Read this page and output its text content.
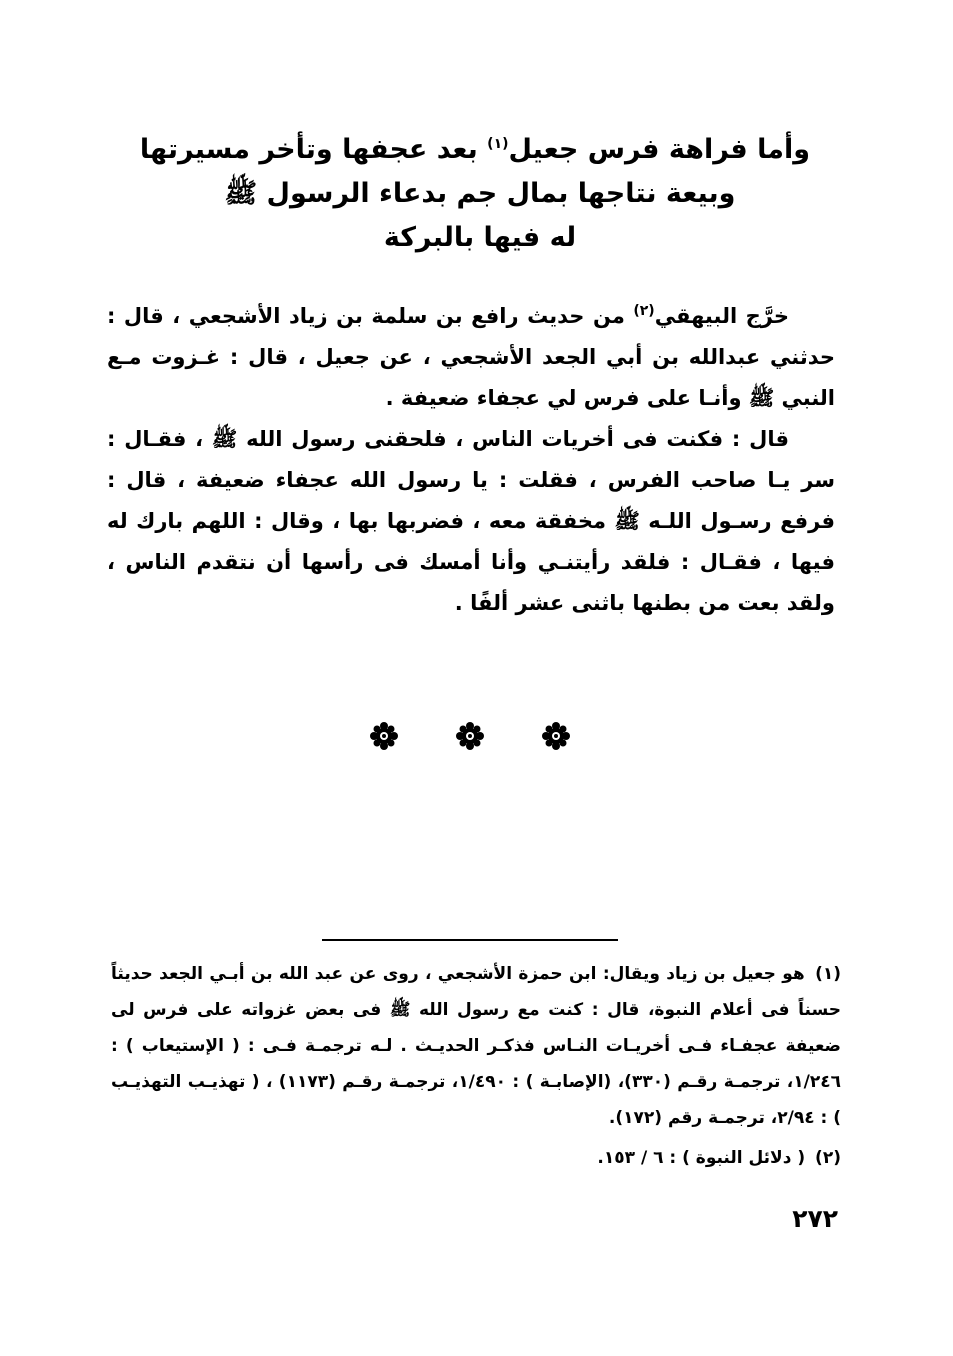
وأما فراهة فرس جعيل$^{(١)}$ بعد عجفها وتأخر مسيرتها
وبيعة نتاجها بمال جم بدعاء الرسول ﷺ
له فيها بالبركة

خرَّج البيهقي$^{(٢)}$ من حديث رافع بن سلمة بن زياد الأشجعي ، قال : حدثني عبدالله بن أبي الجعد الأشجعي ، عن جعيل ، قال : غـزوت مـع النبي ﷺ وأنـا على فرس لي عجفاء ضعيفة .

قال : فكنت فى أخريات الناس ، فلحقنى رسول الله ﷺ ، فقـال : سر يـا صاحب الفرس ، فقلت : يا رسول الله عجفاء ضعيفة ، قال : فرفع رسـول اللـه ﷺ مخفقة معه ، فضربها بها ، وقال : اللهم بارك له فيها ، فقـال : فلقد رأيتنـي وأنا أمسك فى رأسها أن نتقدم الناس ، ولقد بعت من بطنها باثنى عشر ألفًا .

(١) هو جعيل بن زياد ويقال: ابن حمزة الأشجعي ، روى عن عبد الله بن أبـي الجعد حديثاً حسناً فى أعلام النبوة، قال : كنت مع رسول الله ﷺ فى بعض غزواته على فرس لى ضعيفة عجفـاء فـى أخريـات النـاس فذكـر الحديـث . لـه ترجمـة فـى : ( الإستيعاب ) : ١/٢٤٦، ترجمـة رقـم (٣٣٠)، (الإصابـة ) : ١/٤٩٠، ترجمـة رقـم (١١٧٣) ، ( تهذيـب التهذيـب ) : ٢/٩٤، ترجمـة رقم (١٧٢).

(٢) ( دلائل النبوة ) : ٦ / ١٥٣.

٢٧٢
